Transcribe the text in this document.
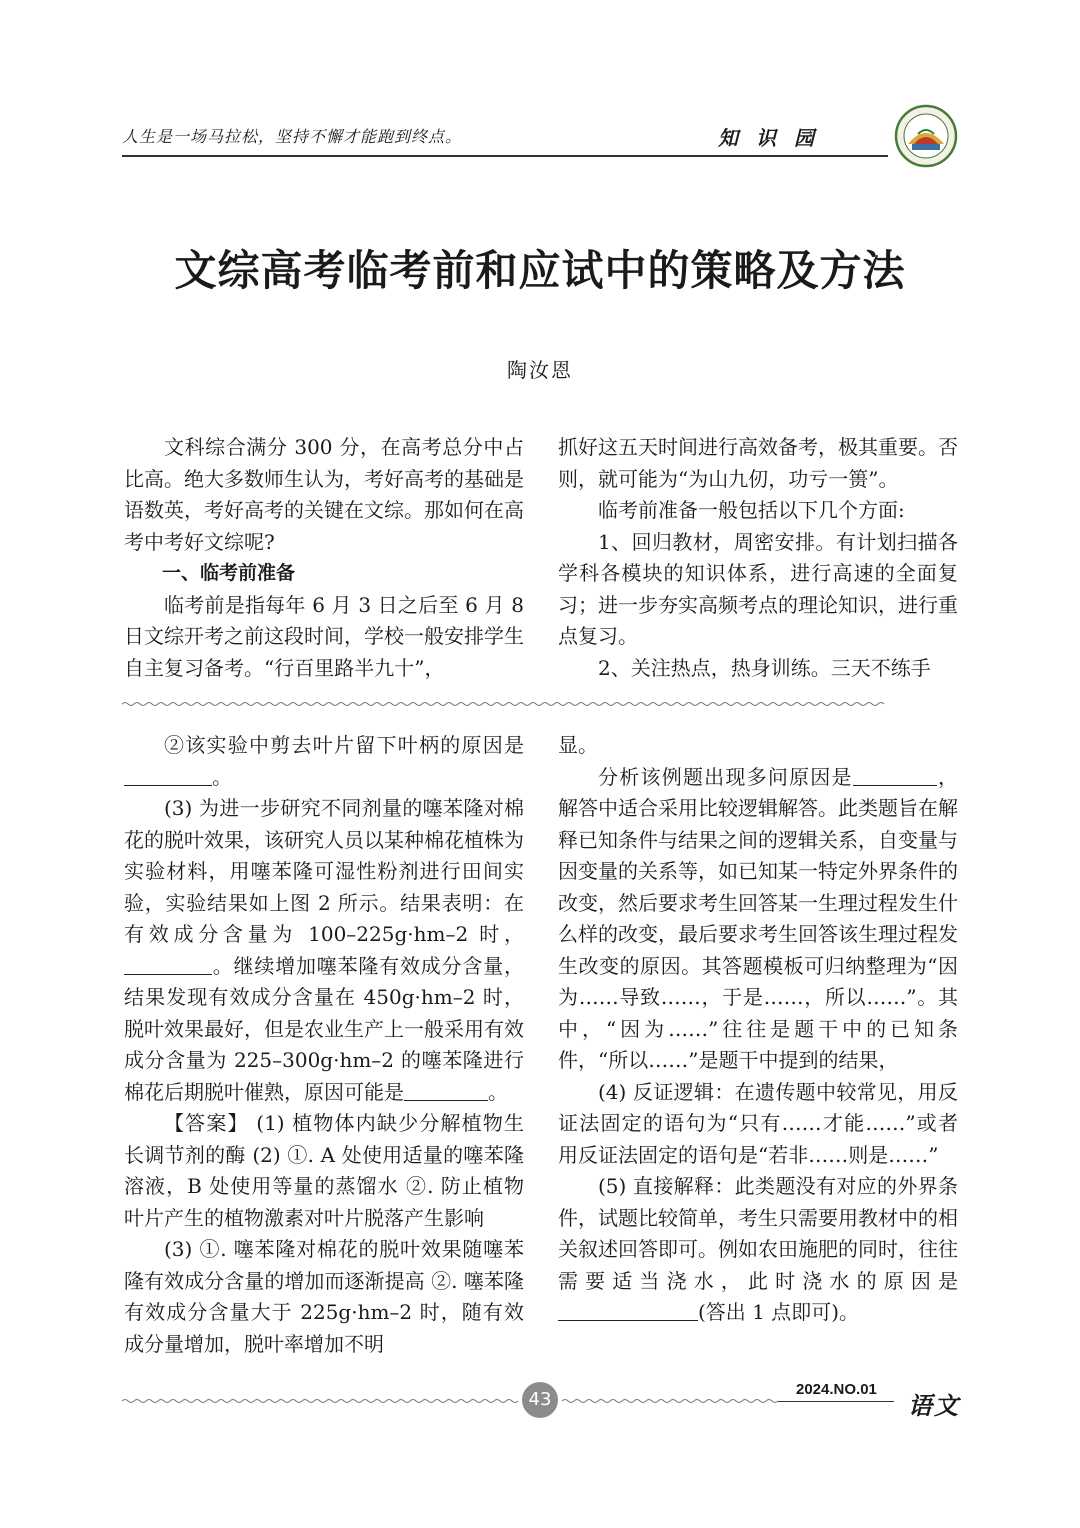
人生是一场马拉松，坚持不懈才能跑到终点。	知识园
文综高考临考前和应试中的策略及方法
陶汝恩

文科综合满分 300 分，在高考总分中占比高。绝大多数师生认为，考好高考的基础是语数英，考好高考的关键在文综。那如何在高考中考好文综呢?

一、临考前准备

临考前是指每年 6 月 3 日之后至 6 月 8 日文综开考之前这段时间，学校一般安排学生自主复习备考。“行百里路半九十”，

抓好这五天时间进行高效备考，极其重要。否则，就可能为“为山九仞，功亏一篑”。

临考前准备一般包括以下几个方面:

1、回归教材，周密安排。有计划扫描各学科各模块的知识体系，进行高速的全面复习；进一步夯实高频考点的理论知识，进行重点复习。

2、关注热点，热身训练。三天不练手

②该实验中剪去叶片留下叶柄的原因是。

(3) 为进一步研究不同剂量的噻苯隆对棉花的脱叶效果，该研究人员以某种棉花植株为实验材料，用噻苯隆可湿性粉剂进行田间实验，实验结果如上图 2 所示。结果表明：在有效成分含量为 100–225g·hm–2 时，。继续增加噻苯隆有效成分含量，结果发现有效成分含量在 450g·hm–2 时，脱叶效果最好，但是农业生产上一般采用有效成分含量为 225–300g·hm–2 的噻苯隆进行棉花后期脱叶催熟，原因可能是	。

【答案】 (1) 植物体内缺少分解植物生长调节剂的酶 (2) ①. A 处使用适量的噻苯隆溶液，B 处使用等量的蒸馏水 ②. 防止植物叶片产生的植物激素对叶片脱落产生影响

(3) ①. 噻苯隆对棉花的脱叶效果随噻苯隆有效成分含量的增加而逐渐提高 ②. 噻苯隆有效成分含量大于 225g·hm–2 时，随有效成分量增加，脱叶率增加不明

显。

分析该例题出现多问原因是	，解答中适合采用比较逻辑解答。此类题旨在解释已知条件与结果之间的逻辑关系，自变量与因变量的关系等，如已知某一特定外界条件的改变，然后要求考生回答某一生理过程发生什么样的改变，最后要求考生回答该生理过程发生改变的原因。其答题模板可归纳整理为“因为……导致……，于是……，所以……”。其中，“因为……”往往是题干中的已知条件，“所以……”是题干中提到的结果，

(4) 反证逻辑：在遗传题中较常见，用反证法固定的语句为“只有……才能……”或者用反证法固定的语句是“若非……则是……”

(5) 直接解释：此类题没有对应的外界条件，试题比较简单，考生只需要用教材中的相关叙述回答即可。例如农田施肥的同时，往往需要适当浇水，此时浇水的原因是(答出 1 点即可)。

43	2024.NO.01
语文
